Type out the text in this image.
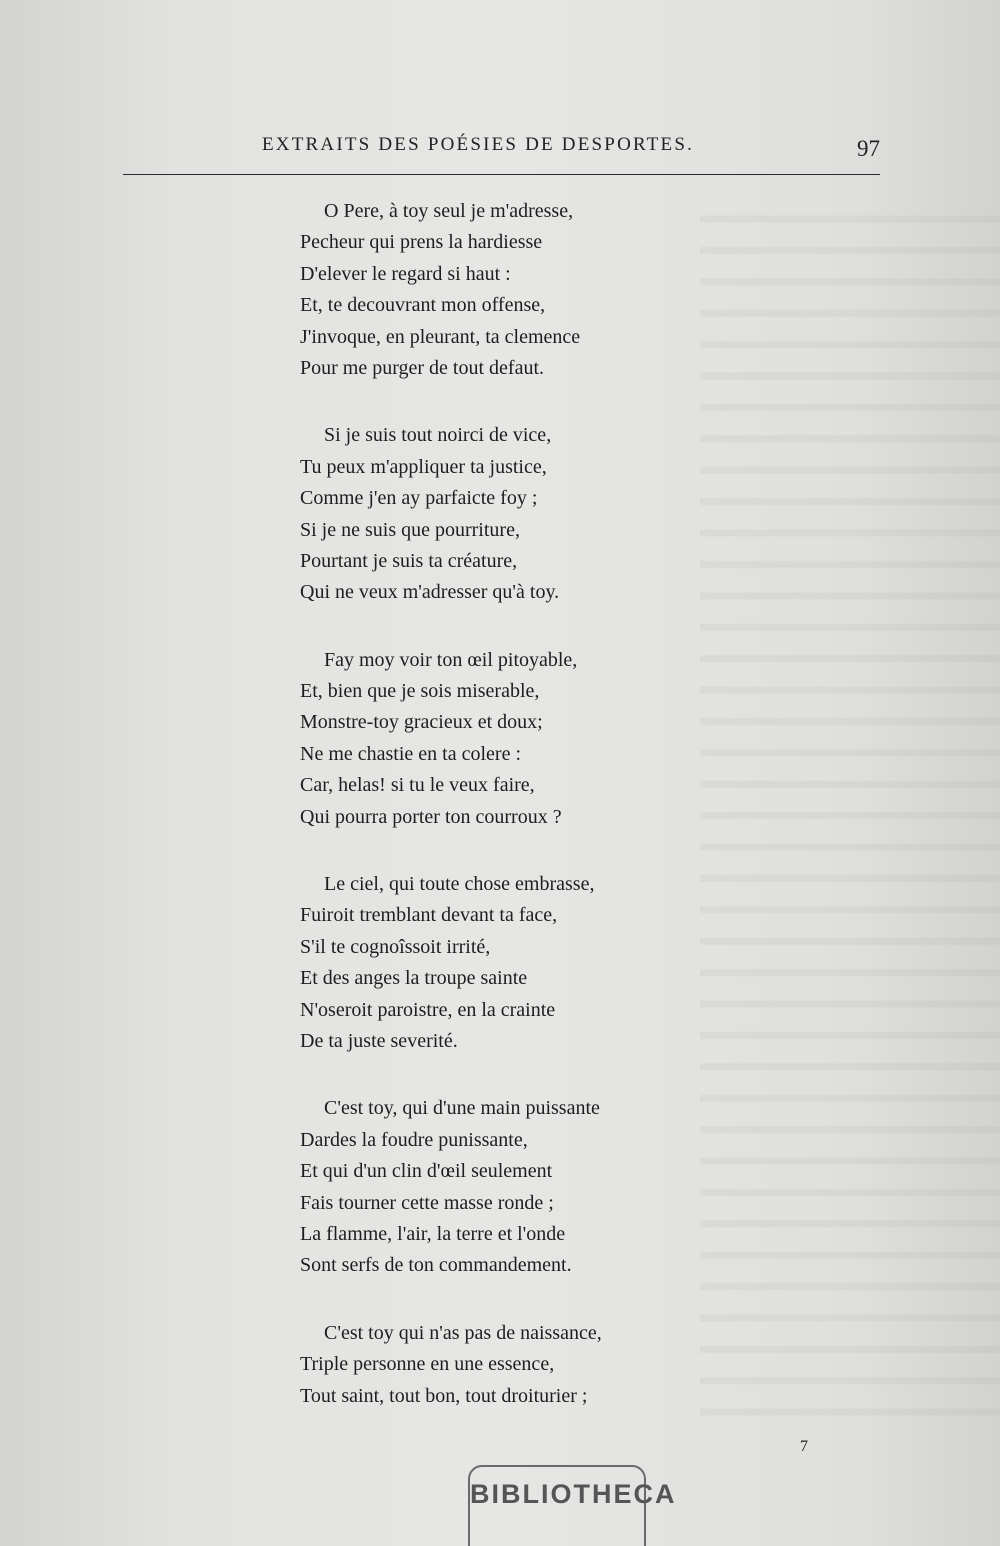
EXTRAITS DES POÉSIES DE DESPORTES.	97
O Pere, à toy seul je m'adresse,
Pecheur qui prens la hardiesse
D'elever le regard si haut :
Et, te decouvrant mon offense,
J'invoque, en pleurant, ta clemence
Pour me purger de tout defaut.
Si je suis tout noirci de vice,
Tu peux m'appliquer ta justice,
Comme j'en ay parfaicte foy ;
Si je ne suis que pourriture,
Pourtant je suis ta créature,
Qui ne veux m'adresser qu'à toy.
Fay moy voir ton œil pitoyable,
Et, bien que je sois miserable,
Monstre-toy gracieux et doux;
Ne me chastie en ta colere :
Car, helas! si tu le veux faire,
Qui pourra porter ton courroux ?
Le ciel, qui toute chose embrasse,
Fuiroit tremblant devant ta face,
S'il te cognoîssoit irrité,
Et des anges la troupe sainte
N'oseroit paroistre, en la crainte
De ta juste severité.
C'est toy, qui d'une main puissante
Dardes la foudre punissante,
Et qui d'un clin d'œil seulement
Fais tourner cette masse ronde ;
La flamme, l'air, la terre et l'onde
Sont serfs de ton commandement.
C'est toy qui n'as pas de naissance,
Triple personne en une essence,
Tout saint, tout bon, tout droiturier ;
7
BIBLIOTHECA
